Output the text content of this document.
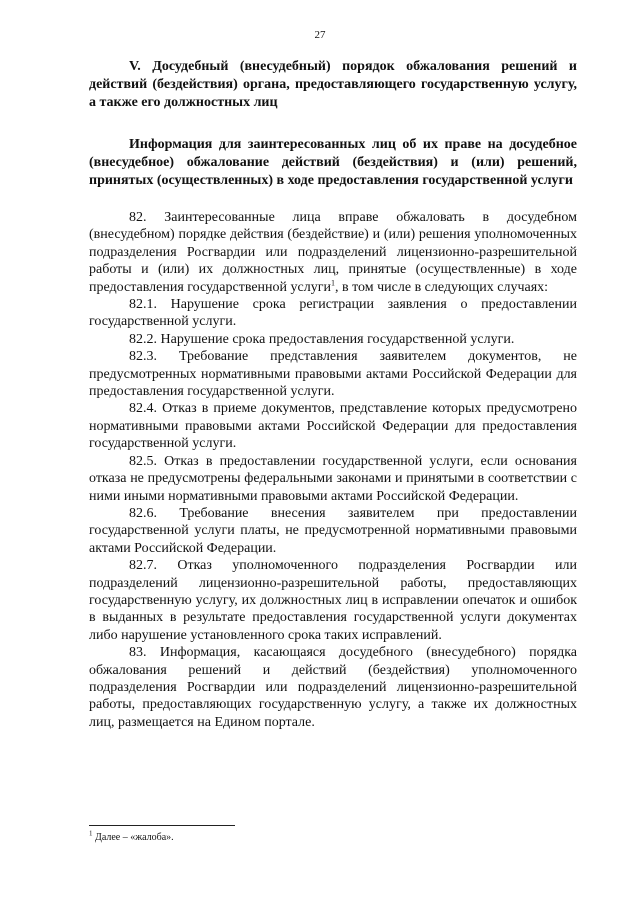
27
V. Досудебный (внесудебный) порядок обжалования решений и действий (бездействия) органа, предоставляющего государственную услугу, а также его должностных лиц
Информация для заинтересованных лиц об их праве на досудебное (внесудебное) обжалование действий (бездействия) и (или) решений, принятых (осуществленных) в ходе предоставления государственной услуги

82. Заинтересованные лица вправе обжаловать в досудебном (внесудебном) порядке действия (бездействие) и (или) решения уполномоченных подразделения Росгвардии или подразделений лицензионно-разрешительной работы и (или) их должностных лиц, принятые (осуществленные) в ходе предоставления государственной услуги$^1$, в том числе в следующих случаях:

82.1. Нарушение срока регистрации заявления о предоставлении государственной услуги.

82.2. Нарушение срока предоставления государственной услуги.

82.3. Требование представления заявителем документов, не предусмотренных нормативными правовыми актами Российской Федерации для предоставления государственной услуги.

82.4. Отказ в приеме документов, представление которых предусмотрено нормативными правовыми актами Российской Федерации для предоставления государственной услуги.

82.5. Отказ в предоставлении государственной услуги, если основания отказа не предусмотрены федеральными законами и принятыми в соответствии с ними иными нормативными правовыми актами Российской Федерации.

82.6. Требование внесения заявителем при предоставлении государственной услуги платы, не предусмотренной нормативными правовыми актами Российской Федерации.

82.7. Отказ уполномоченного подразделения Росгвардии или подразделений лицензионно-разрешительной работы, предоставляющих государственную услугу, их должностных лиц в исправлении опечаток и ошибок в выданных в результате предоставления государственной услуги документах либо нарушение установленного срока таких исправлений.

83. Информация, касающаяся досудебного (внесудебного) порядка обжалования решений и действий (бездействия) уполномоченного подразделения Росгвардии или подразделений лицензионно-разрешительной работы, предоставляющих государственную услугу, а также их должностных лиц, размещается на Едином портале.

$^1$ Далее – «жалоба».
